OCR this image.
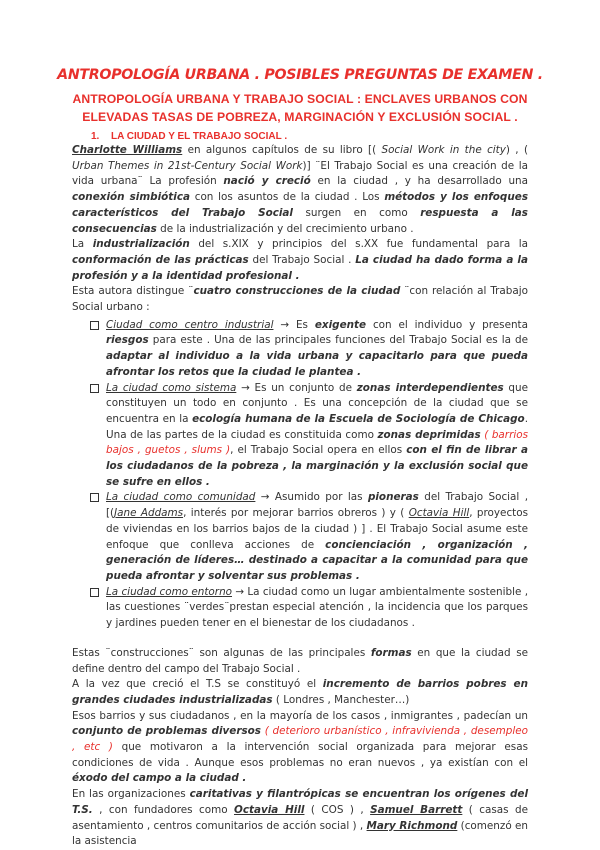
ANTROPOLOGÍA URBANA . POSIBLES PREGUNTAS DE EXAMEN .
ANTROPOLOGÍA URBANA Y TRABAJO SOCIAL : ENCLAVES URBANOS CON ELEVADAS TASAS DE POBREZA, MARGINACIÓN Y EXCLUSIÓN SOCIAL .
1. LA CIUDAD Y EL TRABAJO SOCIAL .

Charlotte Williams en algunos capítulos de su libro [( Social Work in the city) , ( Urban Themes in 21st-Century Social Work)] ¨El Trabajo Social es una creación de la vida urbana¨ La profesión nació y creció en la ciudad , y ha desarrollado una conexión simbiótica con los asuntos de la ciudad . Los métodos y los enfoques característicos del Trabajo Social surgen en como respuesta a las consecuencias de la industrialización y del crecimiento urbano .

La industrialización del s.XIX y principios del s.XX fue fundamental para la conformación de las prácticas del Trabajo Social . La ciudad ha dado forma a la profesión y a la identidad profesional .

Esta autora distingue ¨cuatro construcciones de la ciudad ¨con relación al Trabajo Social urbano :

Ciudad como centro industrial → Es exigente con el individuo y presenta riesgos para este . Una de las principales funciones del Trabajo Social es la de adaptar al individuo a la vida urbana y capacitarlo para que pueda afrontar los retos que la ciudad le plantea .
La ciudad como sistema → Es un conjunto de zonas interdependientes que constituyen un todo en conjunto . Es una concepción de la ciudad que se encuentra en la ecología humana de la Escuela de Sociología de Chicago. Una de las partes de la ciudad es constituida como zonas deprimidas ( barrios bajos , guetos , slums ), el Trabajo Social opera en ellos con el fin de librar a los ciudadanos de la pobreza , la marginación y la exclusión social que se sufre en ellos .
La ciudad como comunidad → Asumido por las pioneras del Trabajo Social , [(Jane Addams, interés por mejorar barrios obreros ) y ( Octavia Hill, proyectos de viviendas en los barrios bajos de la ciudad ) ] . El Trabajo Social asume este enfoque que conlleva acciones de concienciación , organización , generación de líderes… destinado a capacitar a la comunidad para que pueda afrontar y solventar sus problemas .
La ciudad como entorno → La ciudad como un lugar ambientalmente sostenible , las cuestiones ¨verdes¨prestan especial atención , la incidencia que los parques y jardines pueden tener en el bienestar de los ciudadanos .

Estas ¨construcciones¨ son algunas de las principales formas en que la ciudad se define dentro del campo del Trabajo Social .

A la vez que creció el T.S se constituyó el incremento de barrios pobres en grandes ciudades industrializadas ( Londres , Manchester…)

Esos barrios y sus ciudadanos , en la mayoría de los casos , inmigrantes , padecían un conjunto de problemas diversos ( deterioro urbanístico , infravivienda , desempleo , etc ) que motivaron a la intervención social organizada para mejorar esas condiciones de vida . Aunque esos problemas no eran nuevos , ya existían con el éxodo del campo a la ciudad .

En las organizaciones caritativas y filantrópicas se encuentran los orígenes del T.S. , con fundadores como Octavia Hill ( COS ) , Samuel Barrett ( casas de asentamiento , centros comunitarios de acción social ) , Mary Richmond (comenzó en la asistencia
